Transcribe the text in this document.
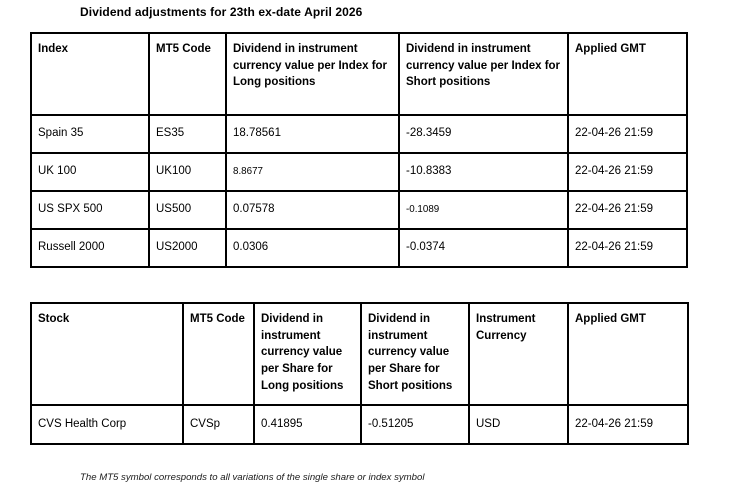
Dividend adjustments for 23th ex-date April 2026
Index	MT5 Code	Dividend in instrument currency value per Index for Long positions	Dividend in instrument currency value per Index for Short positions	Applied GMT
Spain 35	ES35	18.78561	-28.3459	22-04-26 21:59
UK 100	UK100	8.8677	-10.8383	22-04-26 21:59
US SPX 500	US500	0.07578	-0.1089	22-04-26 21:59
Russell 2000	US2000	0.0306	-0.0374	22-04-26 21:59
Stock	MT5 Code	Dividend in instrument currency value per Share for Long positions	Dividend in instrument currency value per Share for Short positions	Instrument Currency	Applied GMT
CVS Health Corp	CVSp	0.41895	-0.51205	USD	22-04-26 21:59
The MT5 symbol corresponds to all variations of the single share or index symbol
